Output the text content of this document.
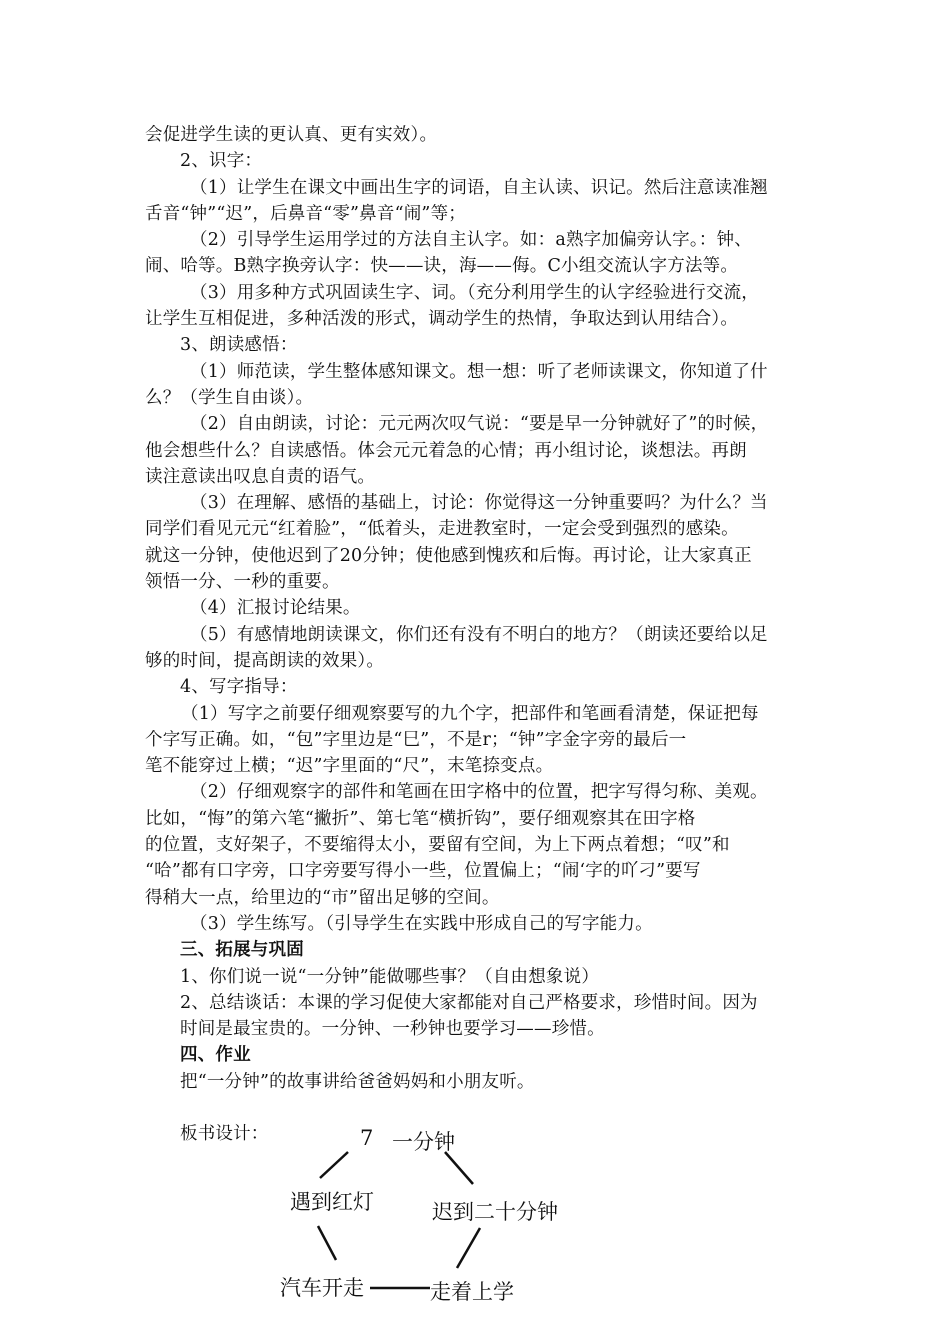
会促进学生读的更认真、更有实效）。
2、识字：
（1）让学生在课文中画出生字的词语，自主认读、识记。然后注意读准翘
舌音“钟”“迟”，后鼻音“零”鼻音“闹”等；
（2）引导学生运用学过的方法自主认字。如：a熟字加偏旁认字。：钟、
闹、哈等。B熟字换旁认字：快——诀，海——侮。C小组交流认字方法等。
（3）用多种方式巩固读生字、词。（充分利用学生的认字经验进行交流，
让学生互相促进，多种活泼的形式，调动学生的热情，争取达到认用结合）。
3、朗读感悟：
（1）师范读，学生整体感知课文。想一想：听了老师读课文，你知道了什
么？（学生自由谈）。
（2）自由朗读，讨论：元元两次叹气说：“要是早一分钟就好了”的时候，
他会想些什么？自读感悟。体会元元着急的心情；再小组讨论，谈想法。再朗
读注意读出叹息自责的语气。
（3）在理解、感悟的基础上，讨论：你觉得这一分钟重要吗？为什么？当
同学们看见元元“红着脸”，“低着头，走进教室时，一定会受到强烈的感染。
就这一分钟，使他迟到了20分钟；使他感到愧疚和后悔。再讨论，让大家真正
领悟一分、一秒的重要。
（4）汇报讨论结果。
（5）有感情地朗读课文，你们还有没有不明白的地方？（朗读还要给以足
够的时间，提高朗读的效果）。
4、写字指导：
（1）写字之前要仔细观察要写的九个字，把部件和笔画看清楚，保证把每
个字写正确。如，“包”字里边是“巳”，不是r；“钟”字金字旁的最后一
笔不能穿过上横；“迟”字里面的“尺”，末笔捺变点。
（2）仔细观察字的部件和笔画在田字格中的位置，把字写得匀称、美观。
比如，“悔”的第六笔“撇折”、第七笔“横折钩”，要仔细观察其在田字格
的位置，支好架子，不要缩得太小，要留有空间，为上下两点着想；“叹”和
“哈”都有口字旁，口字旁要写得小一些，位置偏上；“闹‘字的吖刁”要写
得稍大一点，给里边的“市”留出足够的空间。
（3）学生练写。（引导学生在实践中形成自己的写字能力。
三、拓展与巩固
1、你们说一说“一分钟”能做哪些事？（自由想象说）
2、总结谈话：本课的学习促使大家都能对自己严格要求，珍惜时间。因为
时间是最宝贵的。一分钟、一秒钟也要学习——珍惜。
四、作业
把“一分钟”的故事讲给爸爸妈妈和小朋友听。
板书设计：	7 一分钟
遇到红灯	迟到二十分钟
汽车开走	走着上学
